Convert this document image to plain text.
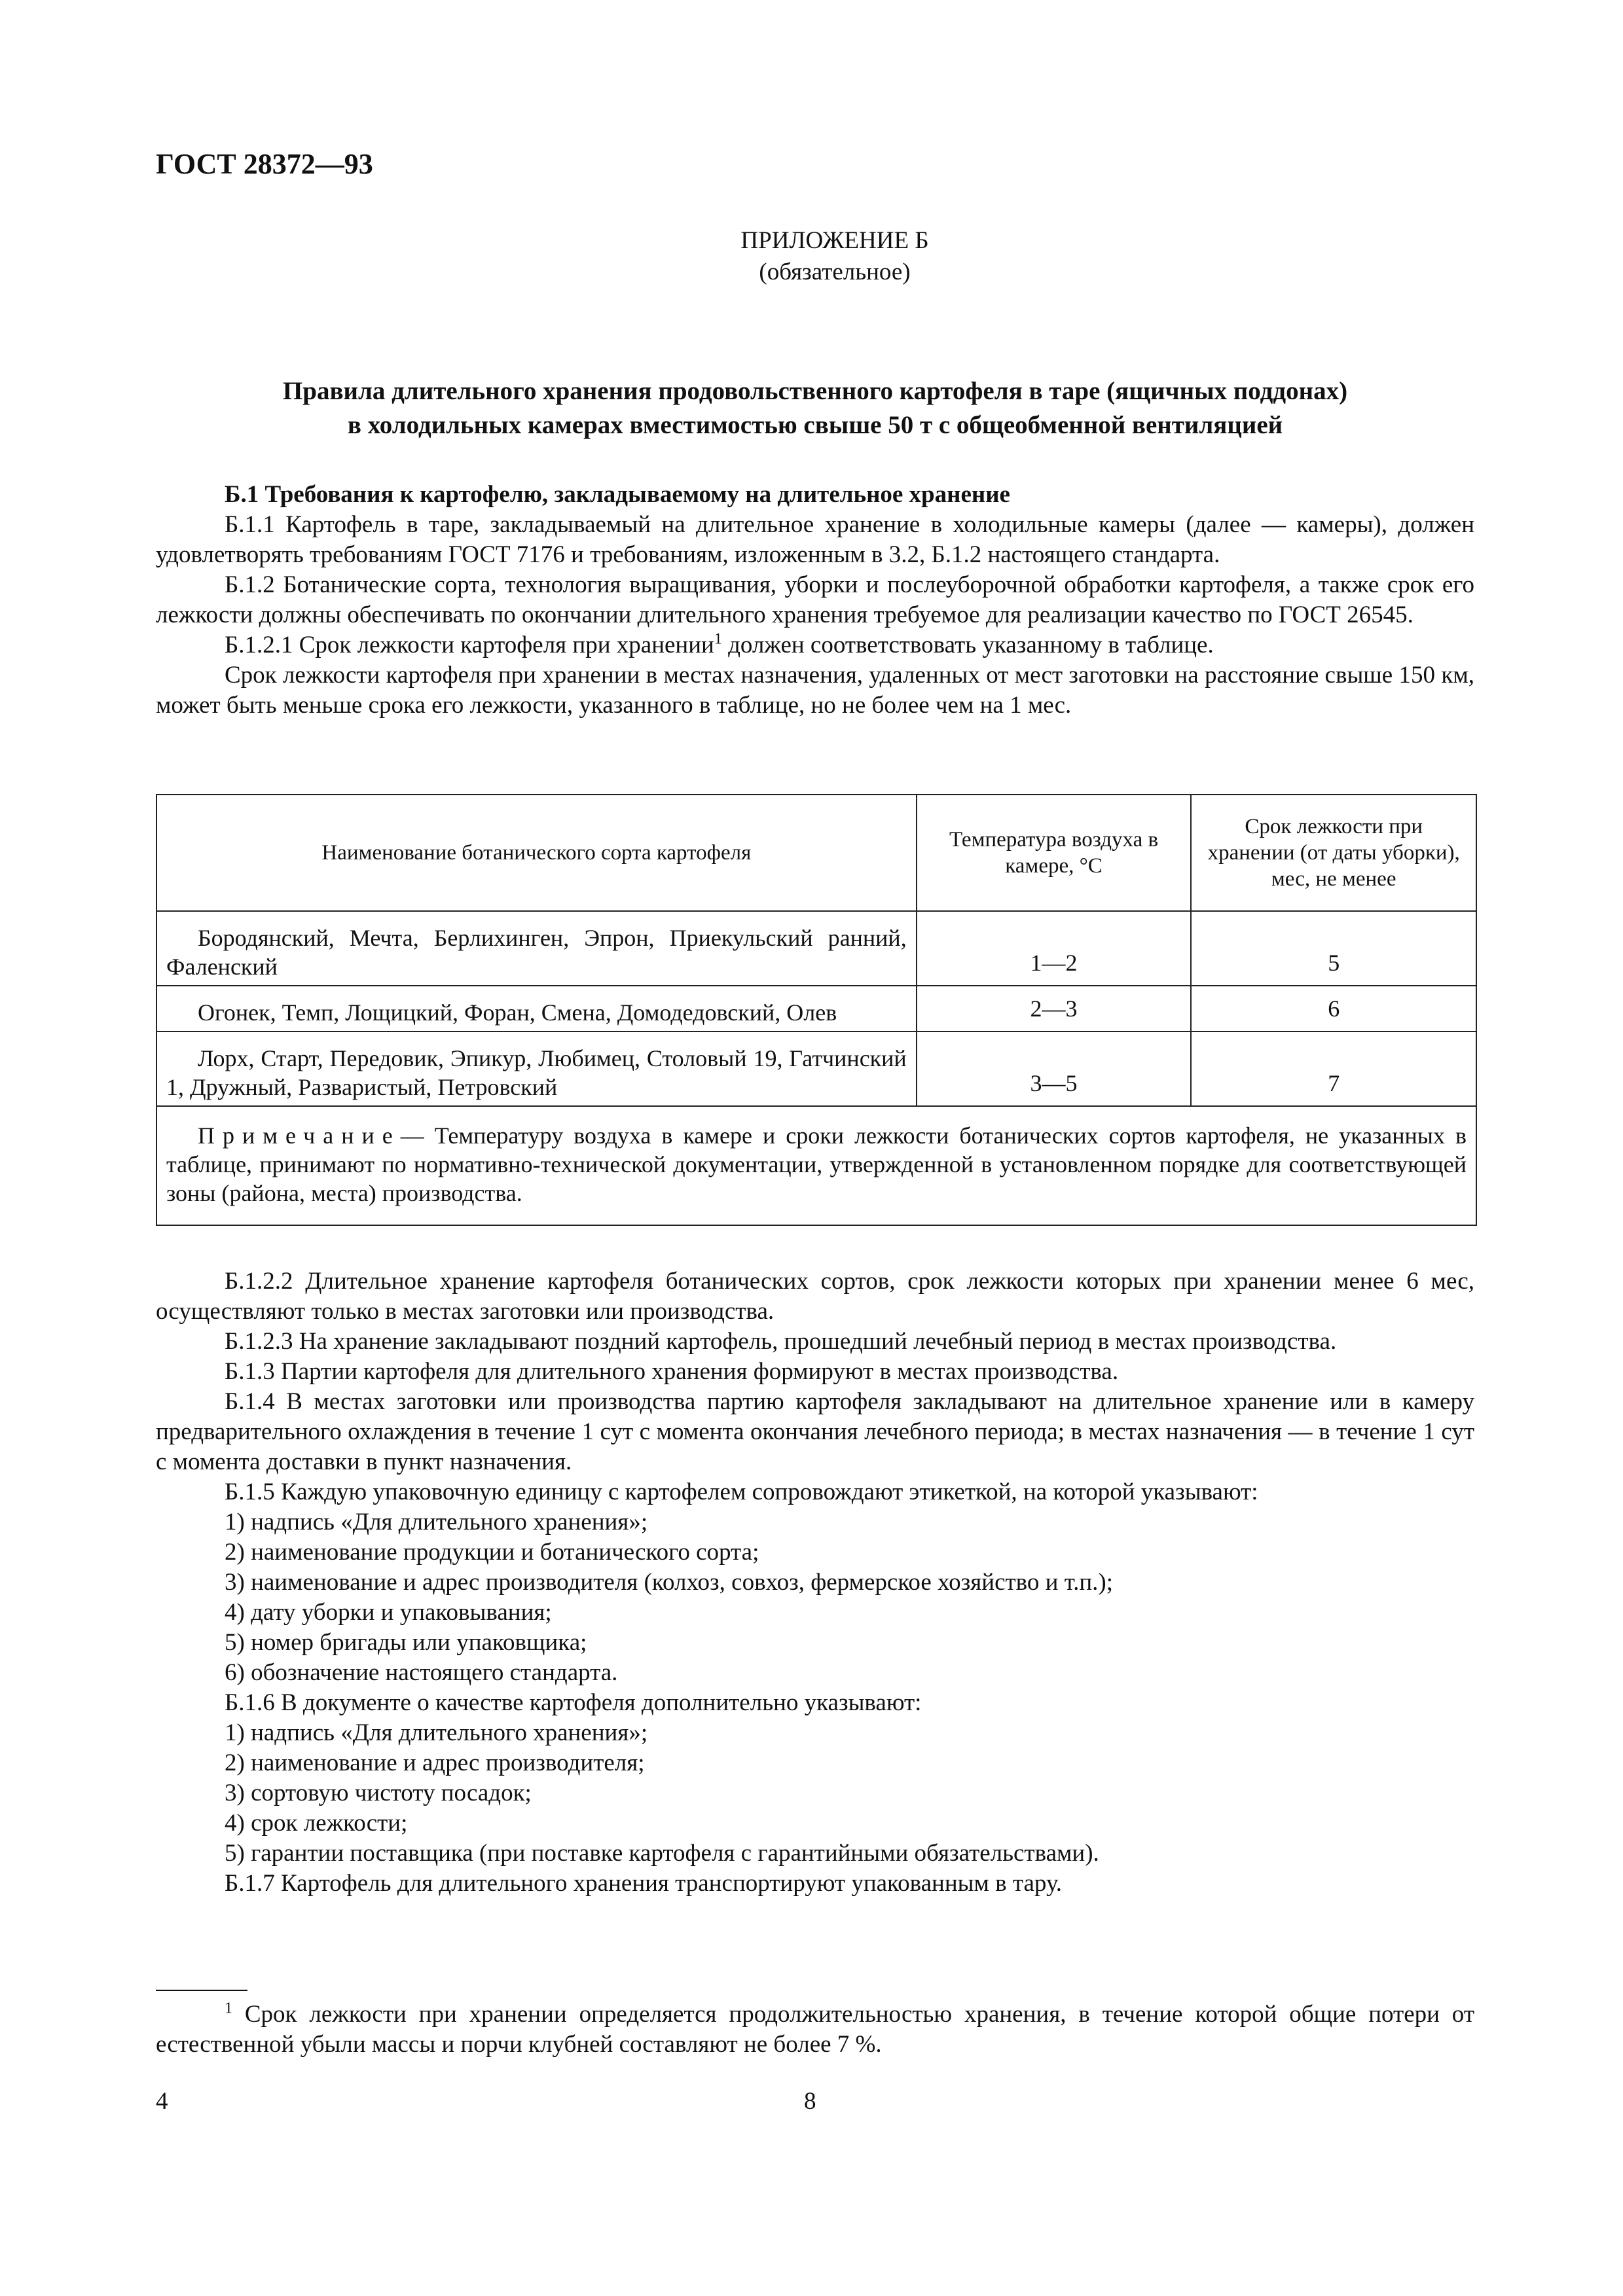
ГОСТ 28372—93
ПРИЛОЖЕНИЕ Б
(обязательное)
Правила длительного хранения продовольственного картофеля в таре (ящичных поддонах)
в холодильных камерах вместимостью свыше 50 т с общеобменной вентиляцией

Б.1 Требования к картофелю, закладываемому на длительное хранение

Б.1.1 Картофель в таре, закладываемый на длительное хранение в холодильные камеры (далее — камеры), должен удовлетворять требованиям ГОСТ 7176 и требованиям, изложенным в 3.2, Б.1.2 настоящего стандарта.

Б.1.2 Ботанические сорта, технология выращивания, уборки и послеуборочной обработки картофеля, а также срок его лежкости должны обеспечивать по окончании длительного хранения требуемое для реализации качество по ГОСТ 26545.

Б.1.2.1 Срок лежкости картофеля при хранении$^1$ должен соответствовать указанному в таблице.

Срок лежкости картофеля при хранении в местах назначения, удаленных от мест заготовки на расстояние свыше 150 км, может быть меньше срока его лежкости, указанного в таблице, но не более чем на 1 мес.

Наименование ботанического сорта картофеля	Температура воздуха в камере, °С	Срок лежкости при хранении (от даты уборки), мес, не менее
Бородянский, Мечта, Берлихинген, Эпрон, Приекульский ранний, Фаленский	1—2	5
Огонек, Темп, Лощицкий, Форан, Смена, Домодедовский, Олев	2—3	6
Лорх, Старт, Передовик, Эпикур, Любимец, Столовый 19, Гатчинский 1, Дружный, Разваристый, Петровский	3—5	7
Примечание— Температуру воздуха в камере и сроки лежкости ботанических сортов картофеля, не указанных в таблице, принимают по нормативно-технической документации, утвержденной в установленном порядке для соответствующей зоны (района, места) производства.		

Б.1.2.2 Длительное хранение картофеля ботанических сортов, срок лежкости которых при хранении менее 6 мес, осуществляют только в местах заготовки или производства.

Б.1.2.3 На хранение закладывают поздний картофель, прошедший лечебный период в местах производства.

Б.1.3 Партии картофеля для длительного хранения формируют в местах производства.

Б.1.4 В местах заготовки или производства партию картофеля закладывают на длительное хранение или в камеру предварительного охлаждения в течение 1 сут с момента окончания лечебного периода; в местах назначения — в течение 1 сут с момента доставки в пункт назначения.

Б.1.5 Каждую упаковочную единицу с картофелем сопровождают этикеткой, на которой указывают:

1) надпись «Для длительного хранения»;

2) наименование продукции и ботанического сорта;

3) наименование и адрес производителя (колхоз, совхоз, фермерское хозяйство и т.п.);

4) дату уборки и упаковывания;

5) номер бригады или упаковщика;

6) обозначение настоящего стандарта.

Б.1.6 В документе о качестве картофеля дополнительно указывают:

1) надпись «Для длительного хранения»;

2) наименование и адрес производителя;

3) сортовую чистоту посадок;

4) срок лежкости;

5) гарантии поставщика (при поставке картофеля с гарантийными обязательствами).

Б.1.7 Картофель для длительного хранения транспортируют упакованным в тару.

$^1$ Срок лежкости при хранении определяется продолжительностью хранения, в течение которой общие потери от естественной убыли массы и порчи клубней составляют не более 7 %.

4	8
